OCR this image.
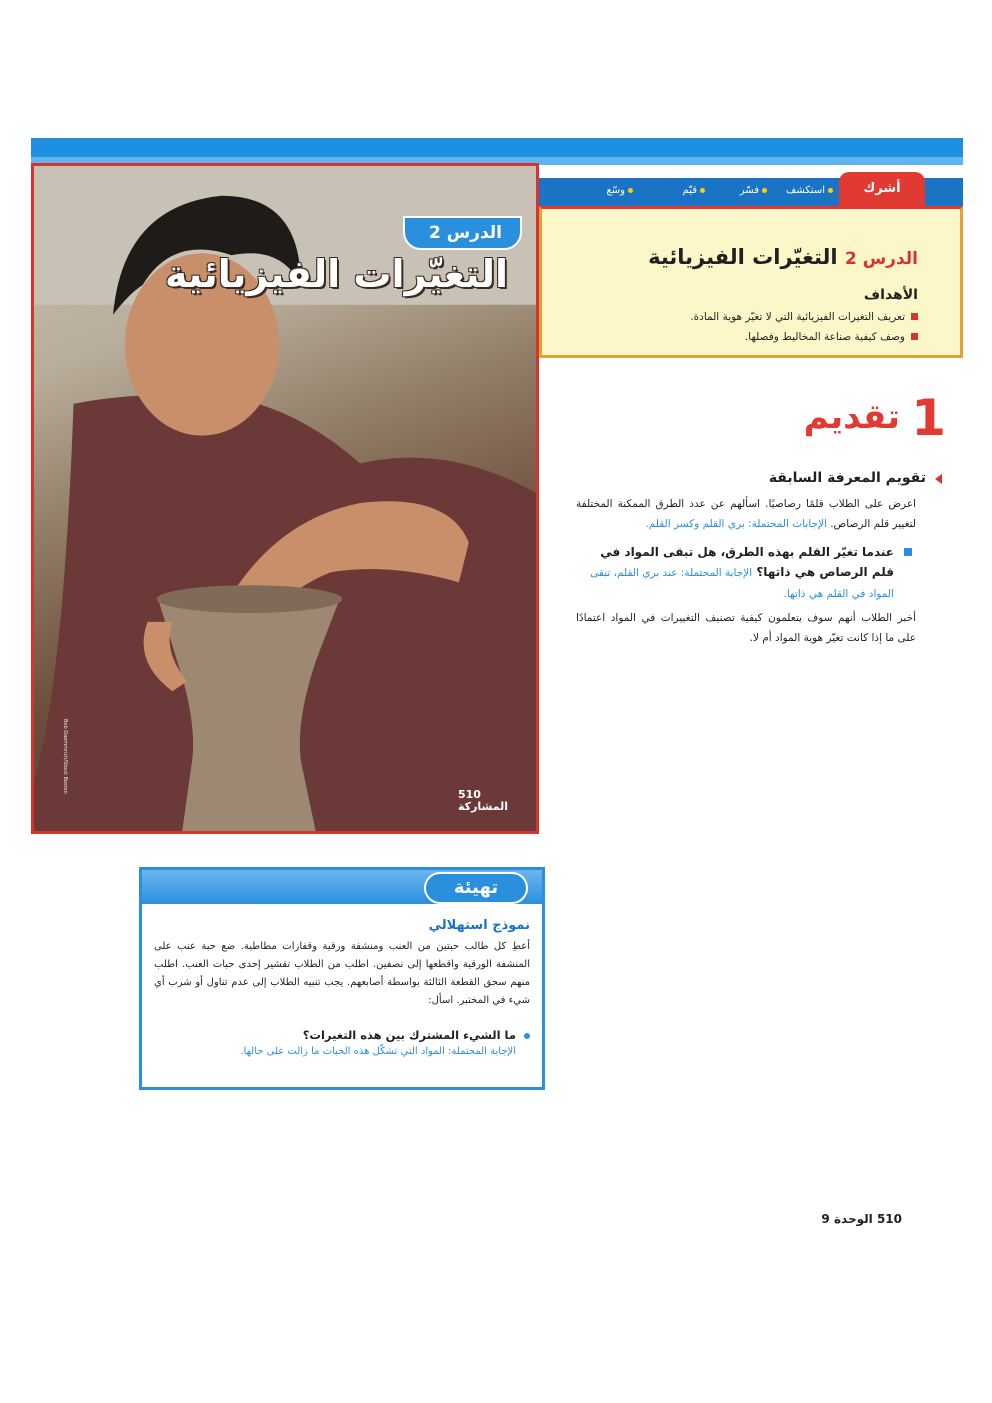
الدرس 2
التغيّرات الفيزيائية
Bob Daemmrich/Stock Boston
510
المشاركة
أشرك
استكشف
فسّر
قيّم
وسّع
الدرس 2 التغيّرات الفيزيائية
الأهداف
تعريف التغيرات الفيزيائية التي لا تغيّر هوية المادة.
وصف كيفية صناعة المخاليط وفصلها.
1
تقديم
تقويم المعرفة السابقة
اعرض على الطلاب قلمًا رصاصيًا. اسألهم عن عدد الطرق الممكنة المختلفة لتغيير قلم الرصاص. الإجابات المحتملة: بري القلم وكسر القلم.
عندما تغيّر القلم بهذه الطرق، هل تبقى المواد في قلم الرصاص هي ذاتها؟ الإجابة المحتملة: عند بري القلم، تبقى المواد في القلم هي ذاتها.
أخبر الطلاب أنهم سوف يتعلمون كيفية تصنيف التغييرات في المواد اعتمادًا على ما إذا كانت تغيّر هوية المواد أم لا.
تهيئة
نموذج استهلالي
أعطِ كل طالب حبتين من العنب ومنشفة ورقية وقفازات مطاطية. ضع حبة عنب على المنشفة الورقية واقطعها إلى نصفين. اطلب من الطلاب تقشير إحدى حبات العنب. اطلب منهم سحق القطعة الثالثة بواسطة أصابعهم. يجب تنبيه الطلاب إلى عدم تناول أو شرب أي شيء في المختبر. اسأل:
ما الشيء المشترك بين هذه التغيرات؟
الإجابة المحتملة: المواد التي تشكّل هذه الحبات ما زالت على حالها.
510 الوحدة 9
